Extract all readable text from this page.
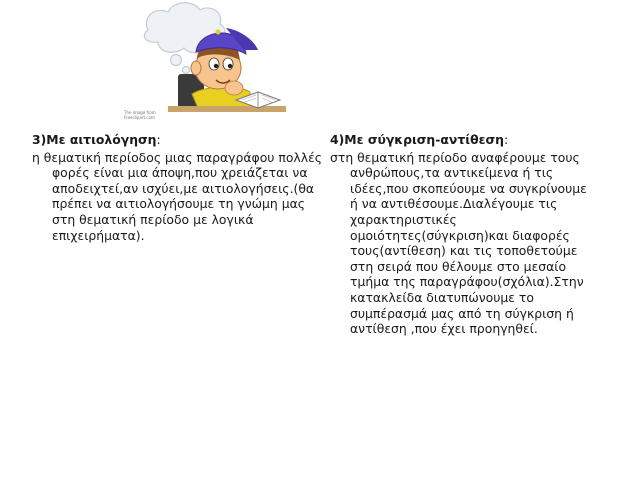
The image from
Freeclipart.com
3)Με αιτιολόγηση:

η θεματική περίοδος μιας παραγράφου πολλές φορές είναι μια άποψη,που χρειάζεται να αποδειχτεί,αν ισχύει,με αιτιολογήσεις.(θα πρέπει να αιτιολογήσουμε τη γνώμη μας στη θεματική περίοδο με λογικά επιχειρήματα).

4)Με σύγκριση-αντίθεση:

στη θεματική περίοδο αναφέρουμε τους ανθρώπους,τα αντικείμενα ή τις ιδέες,που σκοπεύουμε να συγκρίνουμε ή να αντιθέσουμε.Διαλέγουμε τις χαρακτηριστικές ομοιότητες(σύγκριση)και διαφορές τους(αντίθεση) και τις τοποθετούμε στη σειρά που θέλουμε στο μεσαίο τμήμα της παραγράφου(σχόλια).Στην κατακλείδα διατυπώνουμε το συμπέρασμά μας από τη σύγκριση ή αντίθεση ,που έχει προηγηθεί.
